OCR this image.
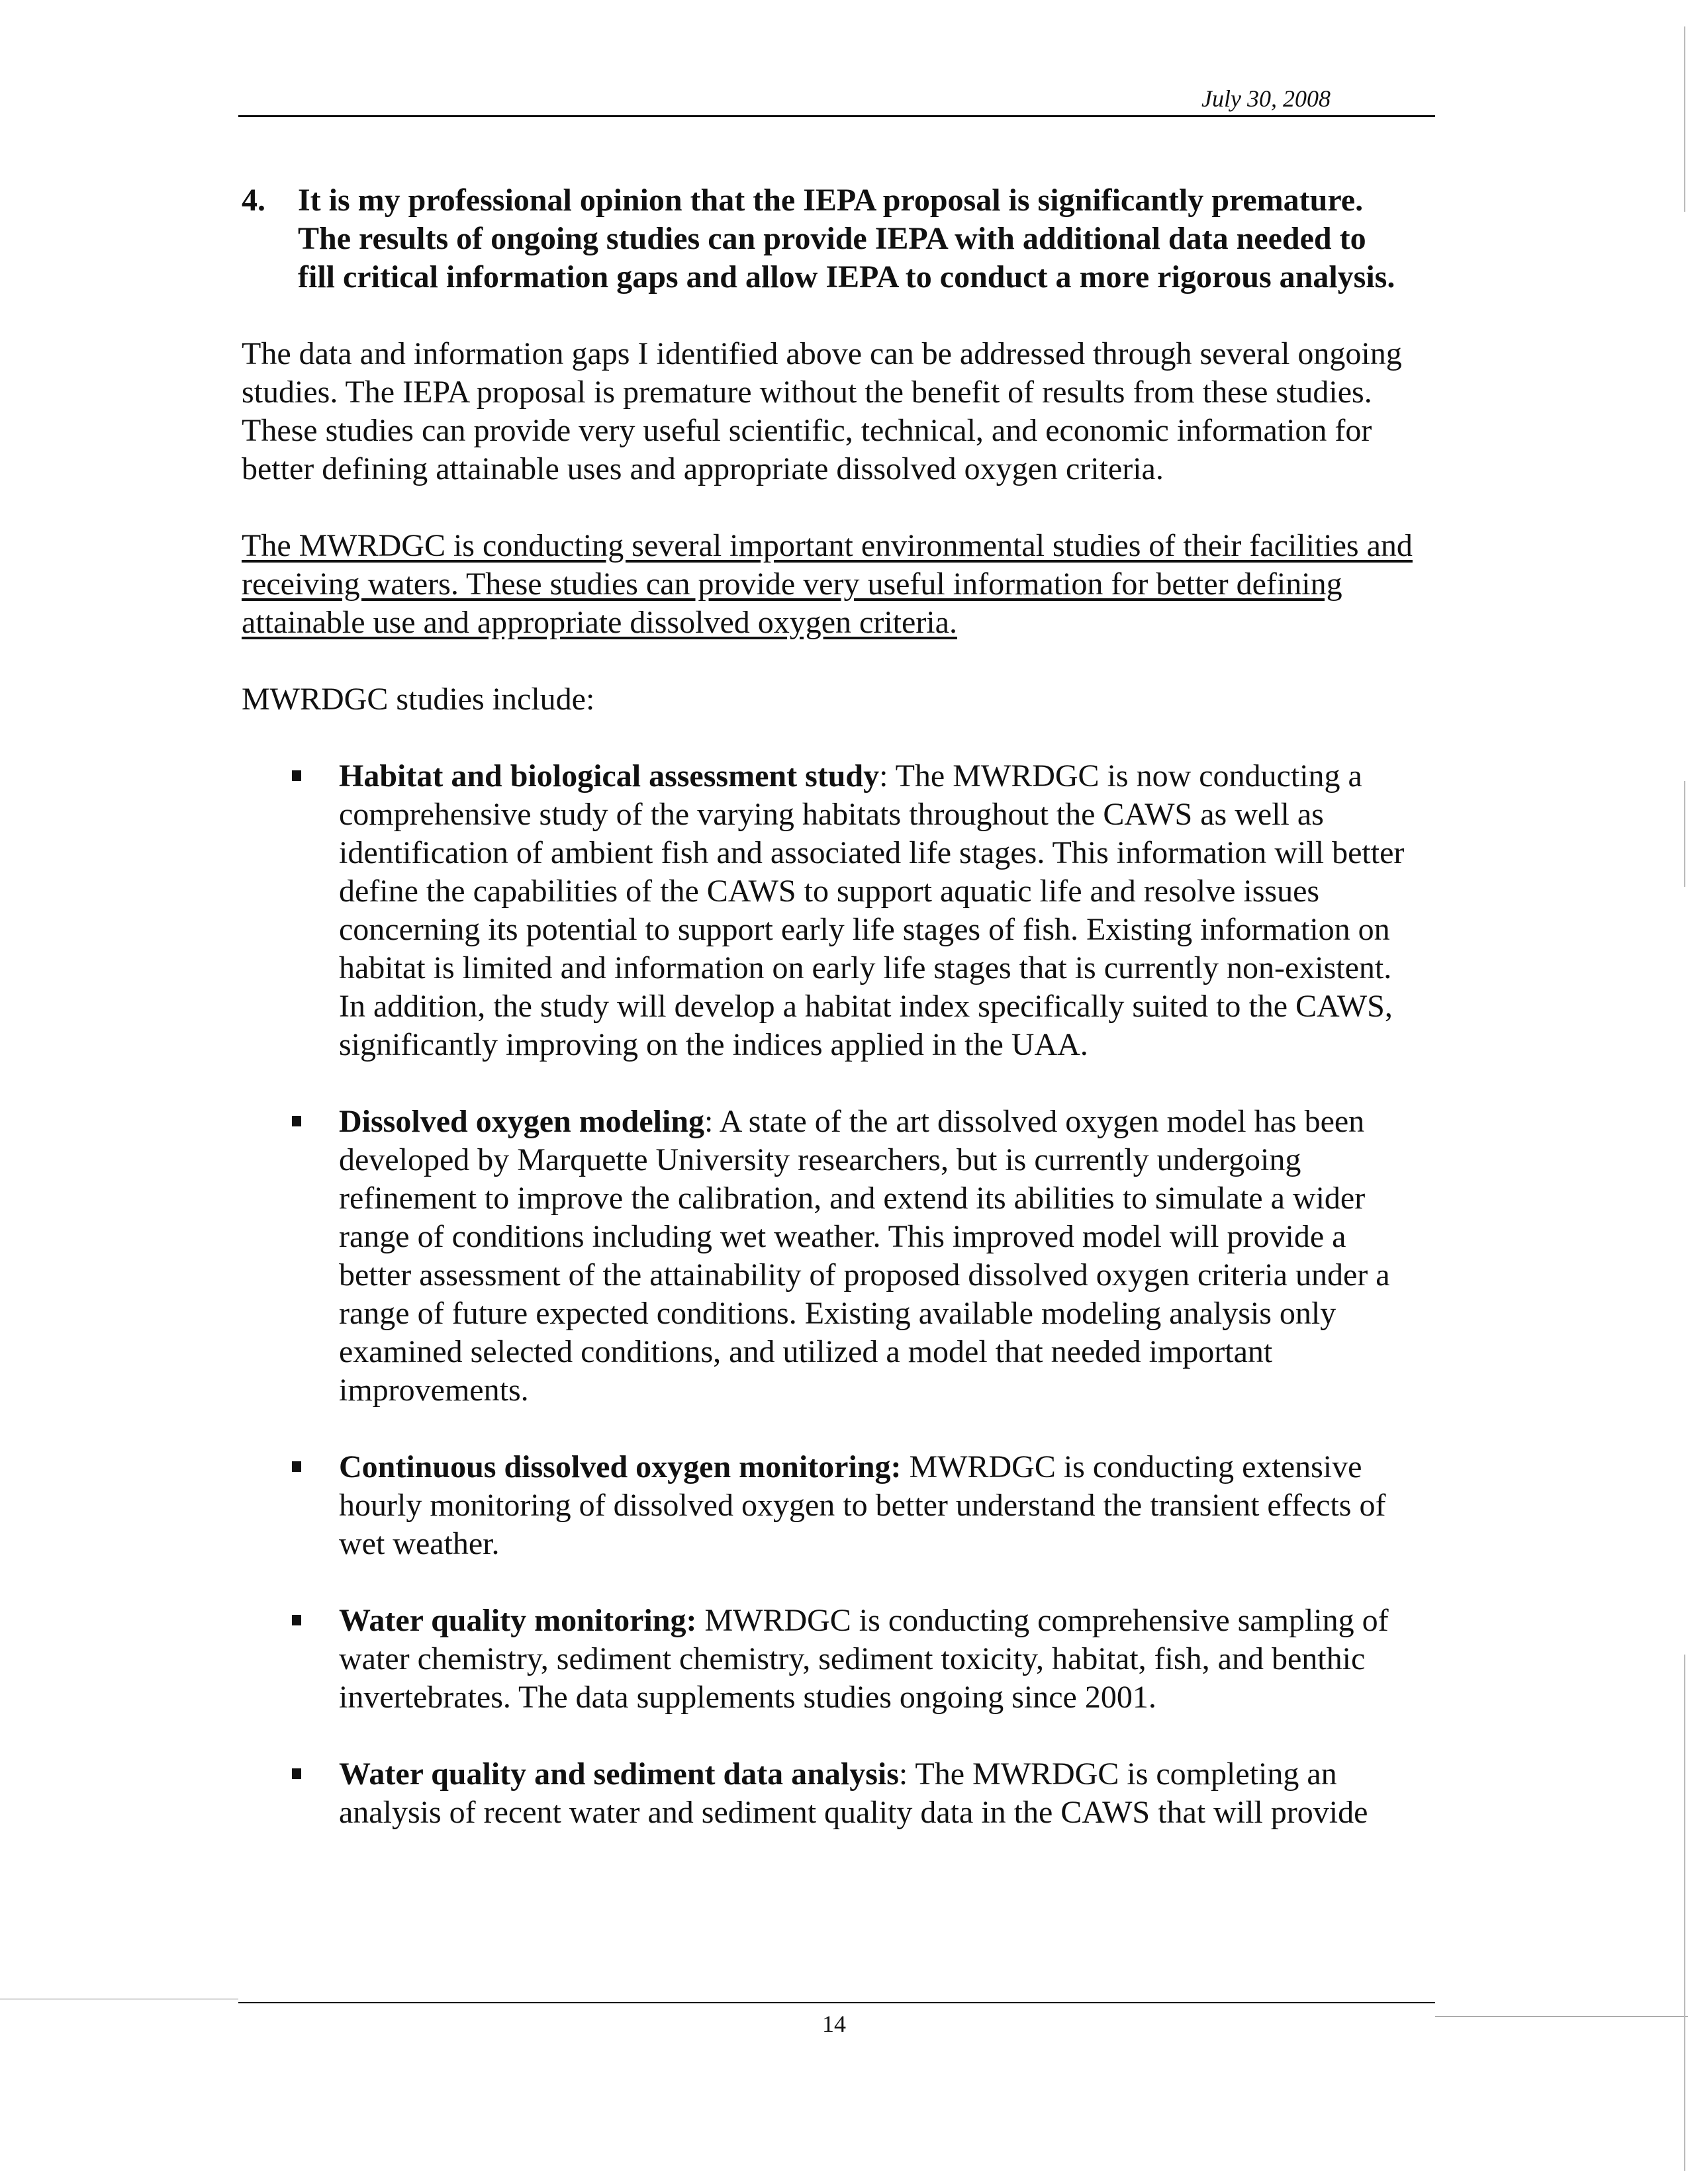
July 30, 2008
4.	It is my professional opinion that the IEPA proposal is significantly premature. The results of ongoing studies can provide IEPA with additional data needed to fill critical information gaps and allow IEPA to conduct a more rigorous analysis.

The data and information gaps I identified above can be addressed through several ongoing studies. The IEPA proposal is premature without the benefit of results from these studies. These studies can provide very useful scientific, technical, and economic information for better defining attainable uses and appropriate dissolved oxygen criteria.

The MWRDGC is conducting several important environmental studies of their facilities and receiving waters. These studies can provide very useful information for better defining attainable use and appropriate dissolved oxygen criteria.

MWRDGC studies include:

Habitat and biological assessment study: The MWRDGC is now conducting a comprehensive study of the varying habitats throughout the CAWS as well as identification of ambient fish and associated life stages. This information will better define the capabilities of the CAWS to support aquatic life and resolve issues concerning its potential to support early life stages of fish. Existing information on habitat is limited and information on early life stages that is currently non-existent. In addition, the study will develop a habitat index specifically suited to the CAWS, significantly improving on the indices applied in the UAA.
Dissolved oxygen modeling: A state of the art dissolved oxygen model has been developed by Marquette University researchers, but is currently undergoing refinement to improve the calibration, and extend its abilities to simulate a wider range of conditions including wet weather. This improved model will provide a better assessment of the attainability of proposed dissolved oxygen criteria under a range of future expected conditions. Existing available modeling analysis only examined selected conditions, and utilized a model that needed important improvements.
Continuous dissolved oxygen monitoring: MWRDGC is conducting extensive hourly monitoring of dissolved oxygen to better understand the transient effects of wet weather.
Water quality monitoring: MWRDGC is conducting comprehensive sampling of water chemistry, sediment chemistry, sediment toxicity, habitat, fish, and benthic invertebrates. The data supplements studies ongoing since 2001.
Water quality and sediment data analysis: The MWRDGC is completing an analysis of recent water and sediment quality data in the CAWS that will provide
14
